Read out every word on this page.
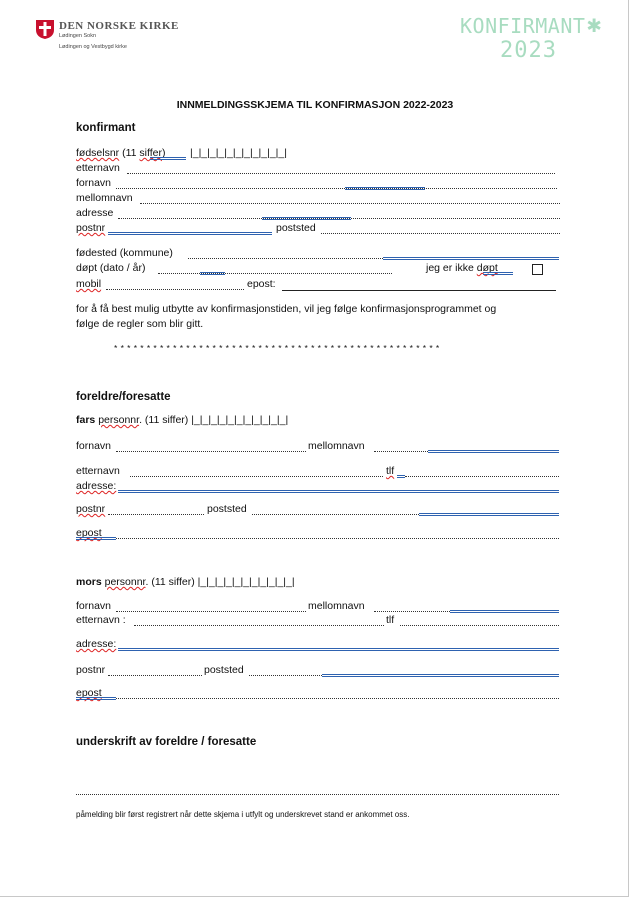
DEN NORSKE KIRKE
Lødingen Sokn
Lødingen og Vestbygd kirke
KONFIRMANT ✱
2023
INNMELDINGSSKJEMA TIL KONFIRMASJON 2022-2023
konfirmant
fødselsnr (11 siffer) |_|_|_|_|_|_|_|_|_|_|_|
etternavn
fornavn
mellomnavn
adresse
postnr	poststed
fødested (kommune)
døpt (dato / år)	jeg er ikke døpt
mobil	epost:
for å få best mulig utbytte av konfirmasjonstiden, vil jeg følge konfirmasjonsprogrammet og
følge de regler som blir gitt.
* * * * * * * * * * * * * * * * * * * * * * * * * * * * * * * * * * * * * * * * * * * * * * * * * *
foreldre/foresatte
fars personnr. (11 siffer) |_|_|_|_|_|_|_|_|_|_|_|
fornavn	mellomnavn
etternavn	tlf
adresse:
postnr	poststed
epost
mors personnr. (11 siffer) |_|_|_|_|_|_|_|_|_|_|_|
fornavn	mellomnavn
etternavn :	tlf
adresse:
postnr	poststed
epost
underskrift av foreldre / foresatte
påmelding blir først registrert når dette skjema i utfylt og underskrevet stand er ankommet oss.
